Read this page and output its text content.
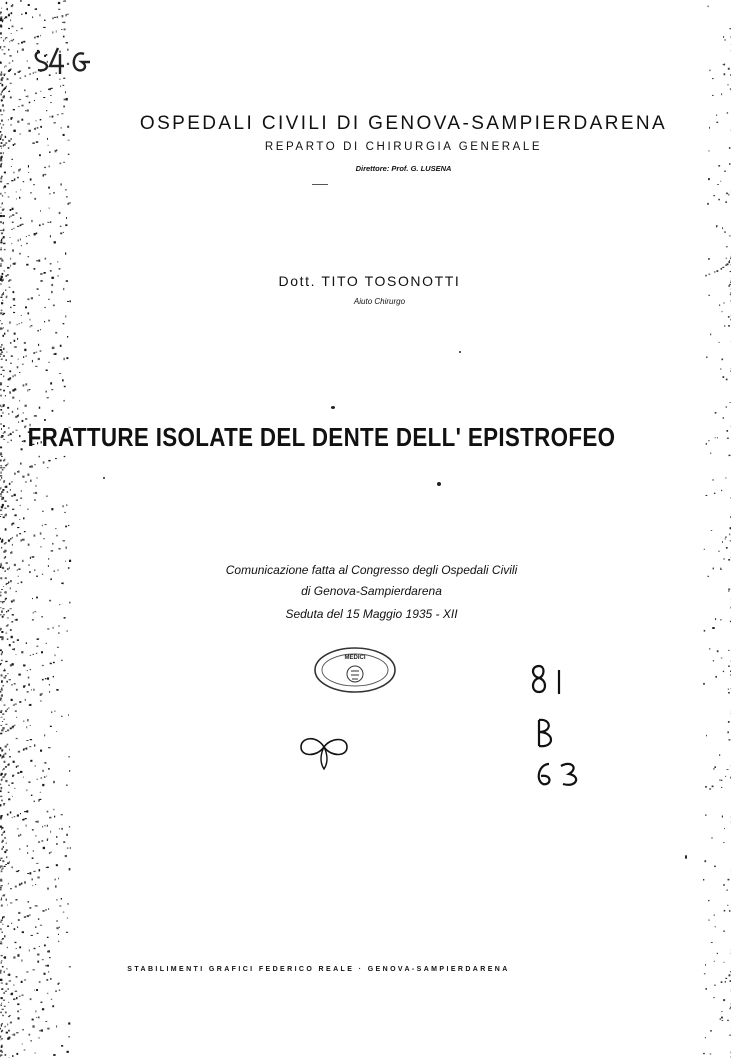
OSPEDALI CIVILI DI GENOVA-SAMPIERDARENA

REPARTO DI CHIRURGIA GENERALE

Direttore: Prof. G. LUSENA

Dott. TITO TOSONOTTI

Aiuto Chirurgo

FRATTURE ISOLATE DEL DENTE DELL' EPISTROFEO

Comunicazione fatta al Congresso degli Ospedali Civili

di Genova-Sampierdarena

Seduta del 15 Maggio 1935 - XII

MEDICI

STABILIMENTI GRAFICI FEDERICO REALE · GENOVA-SAMPIERDARENA
